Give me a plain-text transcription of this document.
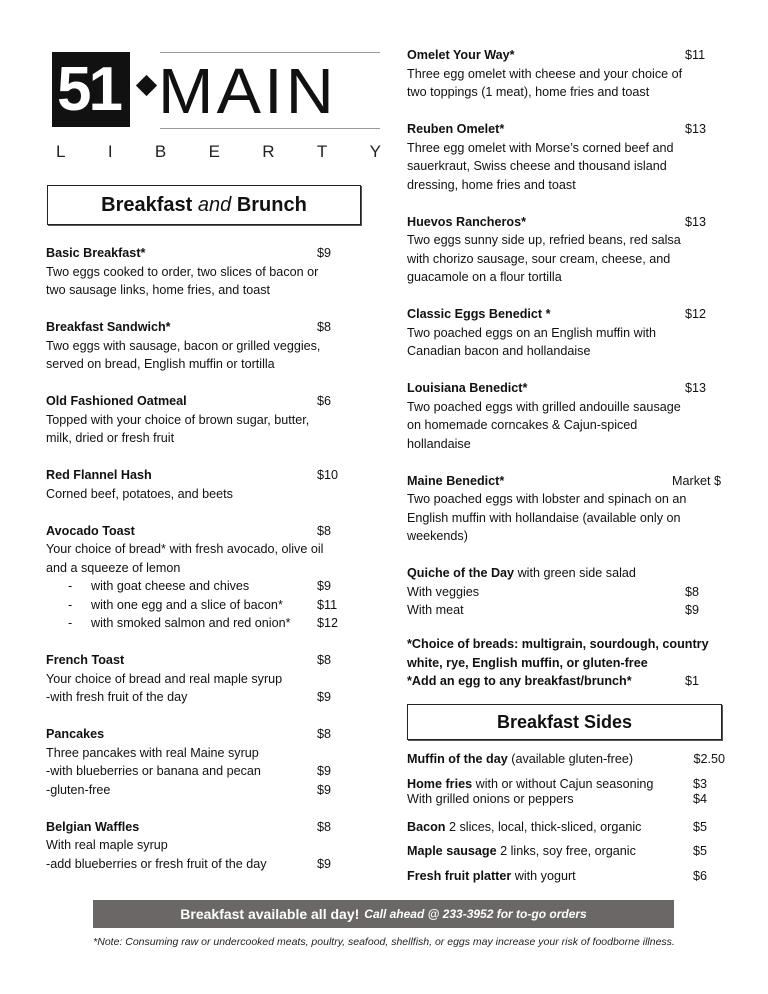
51 MAIN
L I B E R T Y
Breakfast and Brunch
Basic Breakfast*	$9
Two eggs cooked to order, two slices of bacon or
two sausage links, home fries, and toast
Breakfast Sandwich*	$8
Two eggs with sausage, bacon or grilled veggies,
served on bread, English muffin or tortilla
Old Fashioned Oatmeal	$6
Topped with your choice of brown sugar, butter,
milk, dried or fresh fruit
Red Flannel Hash	$10
Corned beef, potatoes, and beets
Avocado Toast	$8
Your choice of bread* with fresh avocado, olive oil
and a squeeze of lemon
- with goat cheese and chives	$9
- with one egg and a slice of bacon*	$11
- with smoked salmon and red onion* $12
French Toast	$8
Your choice of bread and real maple syrup
-with fresh fruit of the day	$9
Pancakes	$8
Three pancakes with real Maine syrup
-with blueberries or banana and pecan	$9
-gluten-free	$9
Belgian Waffles	$8
With real maple syrup
-add blueberries or fresh fruit of the day	$9
Omelet Your Way*	$11
Three egg omelet with cheese and your choice of
two toppings (1 meat), home fries and toast
Reuben Omelet*	$13
Three egg omelet with Morse’s corned beef and
sauerkraut, Swiss cheese and thousand island
dressing, home fries and toast
Huevos Rancheros*	$13
Two eggs sunny side up, refried beans, red salsa
with chorizo sausage, sour cream, cheese, and
guacamole on a flour tortilla
Classic Eggs Benedict *	$12
Two poached eggs on an English muffin with
Canadian bacon and hollandaise
Louisiana Benedict*	$13
Two poached eggs with grilled andouille sausage
on homemade corncakes & Cajun-spiced
hollandaise
Maine Benedict*	Market $
Two poached eggs with lobster and spinach on an
English muffin with hollandaise (available only on
weekends)
Quiche of the Day with green side salad
With veggies	$8
With meat	$9
*Choice of breads: multigrain, sourdough, country
white, rye, English muffin, or gluten-free
*Add an egg to any breakfast/brunch*	$1
Breakfast Sides
Muffin of the day (available gluten-free)	$2.50
Home fries with or without Cajun seasoning	$3
With grilled onions or peppers	$4
Bacon 2 slices, local, thick-sliced, organic	$5
Maple sausage 2 links, soy free, organic	$5
Fresh fruit platter with yogurt	$6
Breakfast available all day! Call ahead @ 233-3952 for to-go orders
*Note: Consuming raw or undercooked meats, poultry, seafood, shellfish, or eggs may increase your risk of foodborne illness.
